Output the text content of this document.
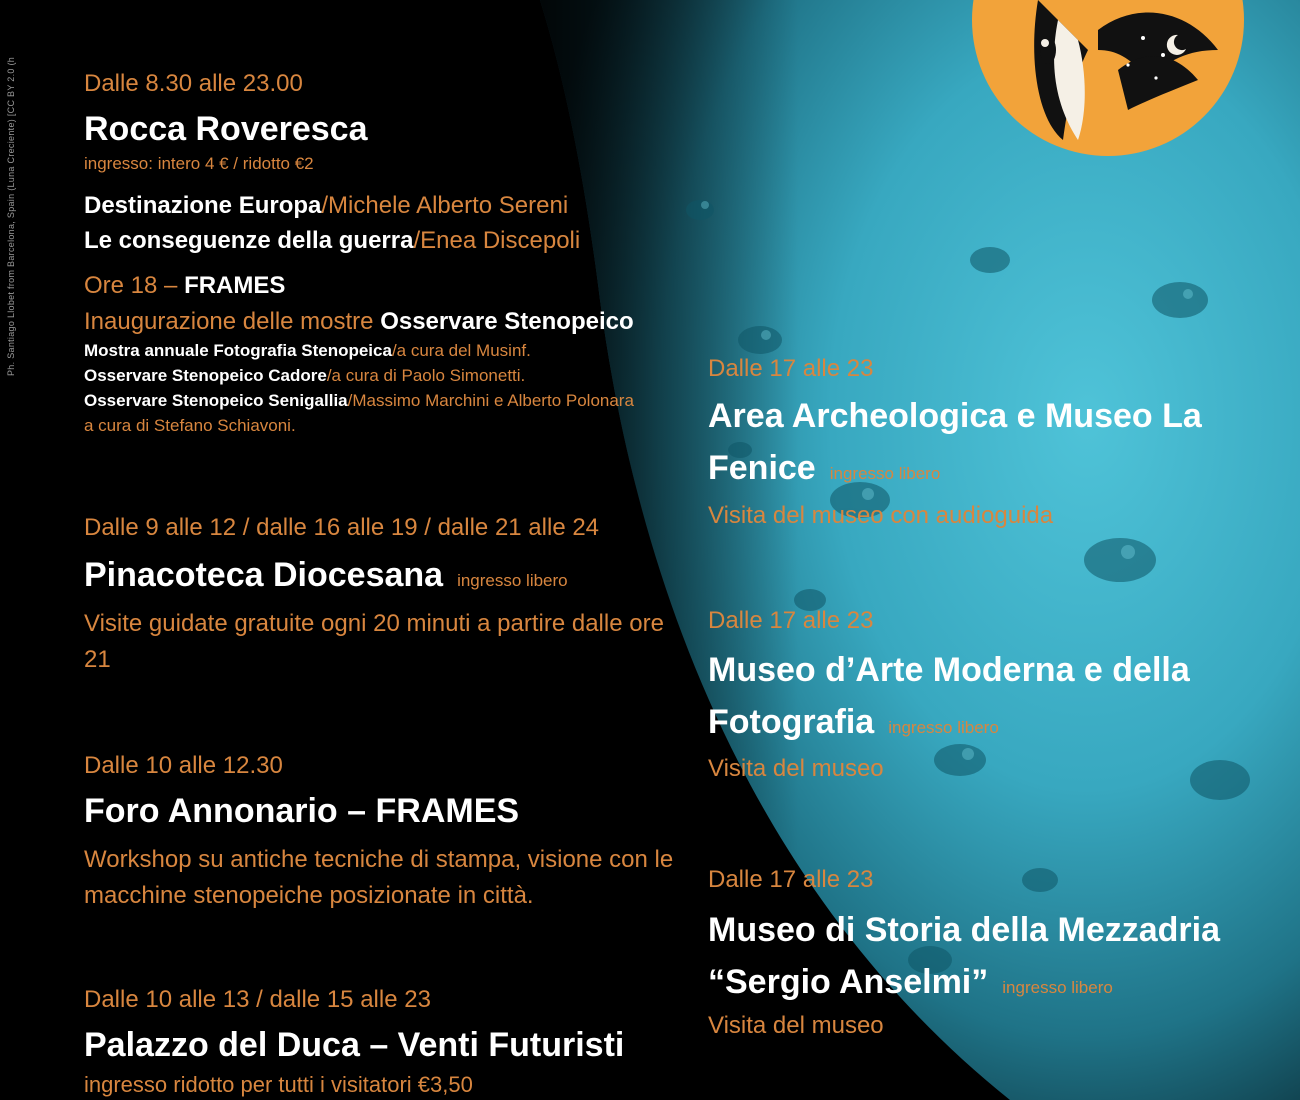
Ph. Santiago Llobet from Barcelona, Spain (Luna Creciente) [CC BY 2.0 (h	Dalle 8.30 alle 23.00
Rocca Roveresca
ingresso: intero 4 € / ridotto €2
Destinazione Europa/Michele Alberto Sereni
Le conseguenze della guerra/Enea Discepoli
Ore 18 – FRAMES
Inaugurazione delle mostre Osservare Stenopeico
Mostra annuale Fotografia Stenopeica/a cura del Musinf.
Osservare Stenopeico Cadore/a cura di Paolo Simonetti.
Osservare Stenopeico Senigallia/Massimo Marchini e Alberto Polonara
a cura di Stefano Schiavoni.
Dalle 9 alle 12 / dalle 16 alle 19 / dalle 21 alle 24
Pinacoteca Diocesana ingresso libero
Visite guidate gratuite ogni 20 minuti a partire dalle ore 21
Dalle 10 alle 12.30
Foro Annonario – FRAMES
Workshop su antiche tecniche di stampa, visione con le macchine stenopeiche posizionate in città.
Dalle 10 alle 13 / dalle 15 alle 23
Palazzo del Duca – Venti Futuristi
ingresso ridotto per tutti i visitatori €3,50
Dalle 17 alle 23
Area Archeologica e Museo La Fenice ingresso libero
Visita del museo con audioguida
Dalle 17 alle 23
Museo d’Arte Moderna e della Fotografia ingresso libero
Visita del museo
Dalle 17 alle 23
Museo di Storia della Mezzadria “Sergio Anselmi” ingresso libero
Visita del museo
